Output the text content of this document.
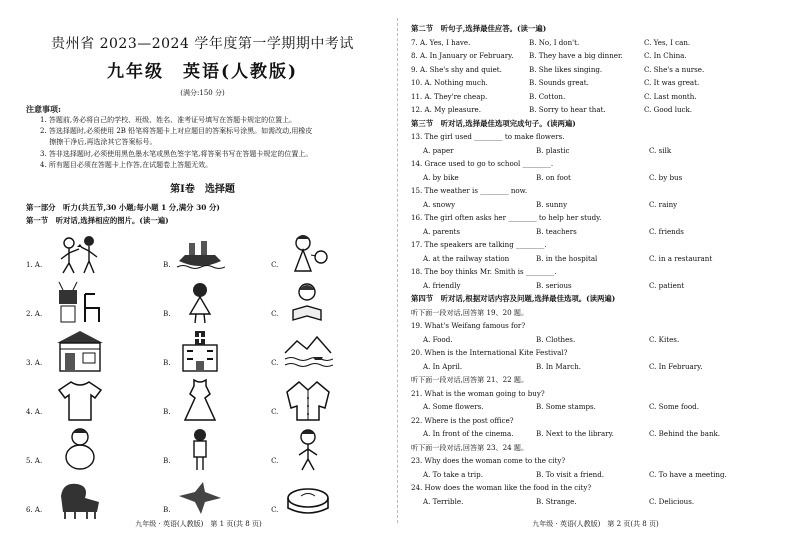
贵州省 2023—2024 学年度第一学期期中考试
九年级　英语(人教版)
(满分:150 分)
注意事项:
1. 答题前,务必将自己的学校、班级、姓名、准考证号填写在答题卡规定的位置上。
2. 答选择题时,必须使用 2B 铅笔将答题卡上对应题目的答案标号涂黑。如需改动,用橡皮
　 擦擦干净后,再选涂其它答案标号。
3. 答非选择题时,必须使用黑色墨水笔或黑色签字笔,将答案书写在答题卡规定的位置上。
4. 所有题目必须在答题卡上作答,在试题卷上答题无效。
第Ⅰ卷　选择题
第一部分　听力(共五节,30 小题;每小题 1 分,满分 30 分)
第一节　听对话,选择相应的图片。(读一遍)
1. A.	B.	C.
2. A.	B.	C.
3. A.	B.	C.
4. A.	B.	C.
5. A.	B.	C.
6. A.	B.	C.
九年级 · 英语(人教版)　第 1 页(共 8 页)
第二节　听句子,选择最佳应答。(读一遍)
7. A. Yes, I have.	B. No, I don't.	C. Yes, I can.
8. A. In January or February.	B. They have a big dinner.	C. In China.
9. A. She's shy and quiet.	B. She likes singing.	C. She's a nurse.
10. A. Nothing much.	B. Sounds great.	C. It was great.
11. A. They're cheap.	B. Cotton.	C. Last month.
12. A. My pleasure.	B. Sorry to hear that.	C. Good luck.
第三节　听对话,选择最佳选项完成句子。(读两遍)
13. The girl used ________ to make flowers.
A. paper	B. plastic	C. silk
14. Grace used to go to school ________.
A. by bike	B. on foot	C. by bus
15. The weather is ________ now.
A. snowy	B. sunny	C. rainy
16. The girl often asks her ________ to help her study.
A. parents	B. teachers	C. friends
17. The speakers are talking ________.
A. at the railway station	B. in the hospital	C. in a restaurant
18. The boy thinks Mr. Smith is ________.
A. friendly	B. serious	C. patient
第四节　听对话,根据对话内容及问题,选择最佳选项。(读两遍)
听下面一段对话,回答第 19、20 题。
19. What's Weifang famous for?
A. Food.	B. Clothes.	C. Kites.
20. When is the International Kite Festival?
A. In April.	B. In March.	C. In February.
听下面一段对话,回答第 21、22 题。
21. What is the woman going to buy?
A. Some flowers.	B. Some stamps.	C. Some food.
22. Where is the post office?
A. In front of the cinema.	B. Next to the library.	C. Behind the bank.
听下面一段对话,回答第 23、24 题。
23. Why does the woman come to the city?
A. To take a trip.	B. To visit a friend.	C. To have a meeting.
24. How does the woman like the food in the city?
A. Terrible.	B. Strange.	C. Delicious.
九年级 · 英语(人教版)　第 2 页(共 8 页)
